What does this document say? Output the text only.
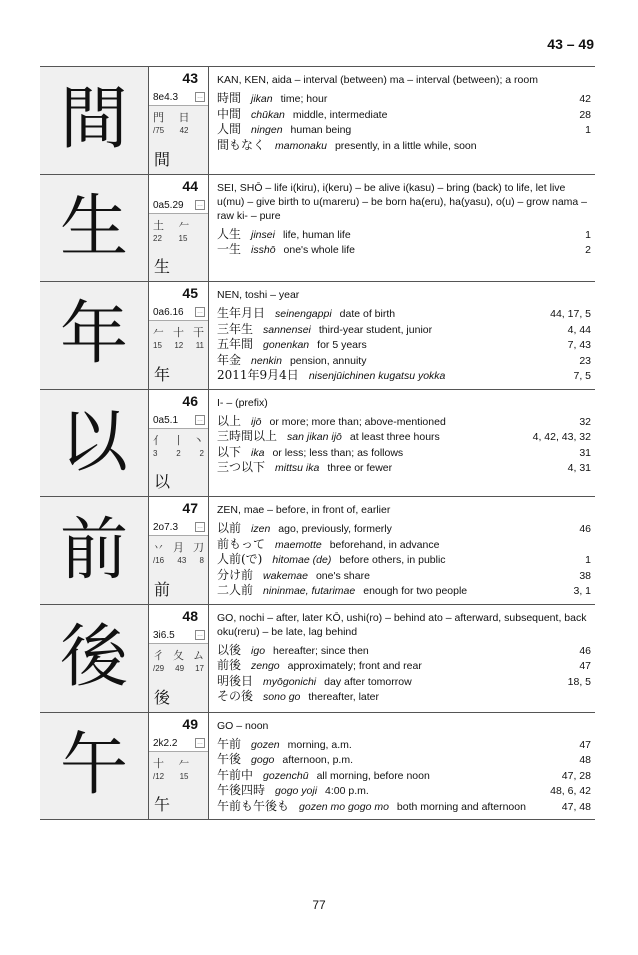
43 – 49
間
43
8e4.3	…
門 日
/75 42
間
KAN, KEN, aida – interval (between) ma – interval (between); a room
時間 jikan time; hour	42
中間 chūkan middle, intermediate	28
人間 ningen human being	1
間もなく mamonaku presently, in a little while, soon
生
44
0a5.29	…
土 𠂉
22 15
生
SEI, SHŌ – life i(kiru), i(keru) – be alive i(kasu) – bring (back) to life, let live u(mu) – give birth to u(mareru) – be born ha(eru), ha(yasu), o(u) – grow nama – raw ki- – pure
人生 jinsei life, human life	1
一生 isshō one's whole life	2
年
45
0a6.16	…
𠂉 十 干
15 12 11
年
NEN, toshi – year
生年月日 seinengappi date of birth	44, 17, 5
三年生 sannensei third-year student, junior	4, 44
五年間 gonenkan for 5 years	7, 43
年金 nenkin pension, annuity	23
2011年9月4日 nisenjūichinen kugatsu yokka	7, 5
以
46
0a5.1	…
亻 丨 丶
3 2 2
以
I- – (prefix)
以上 ijō or more; more than; above-mentioned	32
三時間以上 san jikan ijō at least three hours	4, 42, 43, 32
以下 ika or less; less than; as follows	31
三つ以下 mittsu ika three or fewer	4, 31
前
47
2o7.3	…
丷 月 刀
/16 43 8
前
ZEN, mae – before, in front of, earlier
以前 izen ago, previously, formerly	46
前もって maemotte beforehand, in advance
人前(で) hitomae (de) before others, in public	1
分け前 wakemae one's share	38
二人前 nininmae, futarimae enough for two people	3, 1
後
48
3i6.5	…
彳 夂 ム
/29 49 17
後
GO, nochi – after, later KŌ, ushi(ro) – behind ato – afterward, subsequent, back oku(reru) – be late, lag behind
以後 igo hereafter; since then	46
前後 zengo approximately; front and rear	47
明後日 myōgonichi day after tomorrow	18, 5
その後 sono go thereafter, later
午
49
2k2.2	…
十 𠂉
/12 15
午
GO – noon
午前 gozen morning, a.m.	47
午後 gogo afternoon, p.m.	48
午前中 gozenchū all morning, before noon	47, 28
午後四時 gogo yoji 4:00 p.m.	48, 6, 42
午前も午後も gozen mo gogo mo both morning and afternoon	47, 48
77
